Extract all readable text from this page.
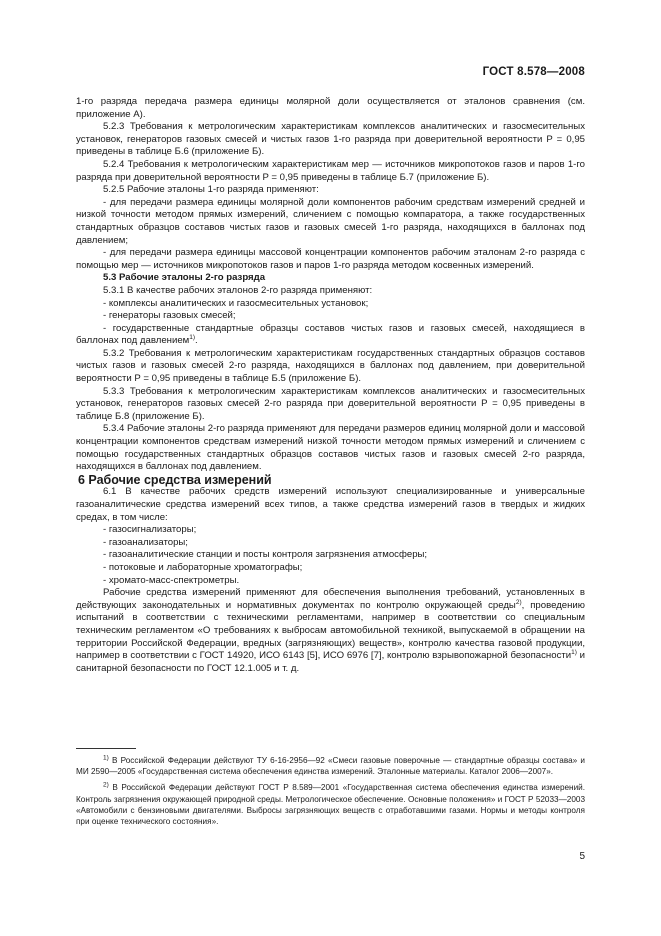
ГОСТ 8.578—2008

1-го разряда передача размера единицы молярной доли осуществляется от эталонов сравнения (см. приложение А).

5.2.3 Требования к метрологическим характеристикам комплексов аналитических и газосмесительных установок, генераторов газовых смесей и чистых газов 1-го разряда при доверительной вероятности P = 0,95 приведены в таблице Б.6 (приложение Б).

5.2.4 Требования к метрологическим характеристикам мер — источников микропотоков газов и паров 1-го разряда при доверительной вероятности P = 0,95 приведены в таблице Б.7 (приложение Б).

5.2.5 Рабочие эталоны 1-го разряда применяют:

- для передачи размера единицы молярной доли компонентов рабочим средствам измерений средней и низкой точности методом прямых измерений, сличением с помощью компаратора, а также государственных стандартных образцов составов чистых газов и газовых смесей 1-го разряда, находящихся в баллонах под давлением;

- для передачи размера единицы массовой концентрации компонентов рабочим эталонам 2-го разряда с помощью мер — источников микропотоков газов и паров 1-го разряда методом косвенных измерений.

5.3 Рабочие эталоны 2-го разряда

5.3.1 В качестве рабочих эталонов 2-го разряда применяют:

- комплексы аналитических и газосмесительных установок;

- генераторы газовых смесей;

- государственные стандартные образцы составов чистых газов и газовых смесей, находящиеся в баллонах под давлением$^{1)}$.

5.3.2 Требования к метрологическим характеристикам государственных стандартных образцов составов чистых газов и газовых смесей 2-го разряда, находящихся в баллонах под давлением, при доверительной вероятности P = 0,95 приведены в таблице Б.5 (приложение Б).

5.3.3 Требования к метрологическим характеристикам комплексов аналитических и газосмесительных установок, генераторов газовых смесей 2-го разряда при доверительной вероятности P = 0,95 приведены в таблице Б.8 (приложение Б).

5.3.4 Рабочие эталоны 2-го разряда применяют для передачи размеров единиц молярной доли и массовой концентрации компонентов средствам измерений низкой точности методом прямых измерений и сличением с помощью государственных стандартных образцов составов чистых газов и газовых смесей 2-го разряда, находящихся в баллонах под давлением.

6 Рабочие средства измерений

6.1 В качестве рабочих средств измерений используют специализированные и универсальные газоаналитические средства измерений всех типов, а также средства измерений газов в твердых и жидких средах, в том числе:

- газосигнализаторы;

- газоанализаторы;

- газоаналитические станции и посты контроля загрязнения атмосферы;

- потоковые и лабораторные хроматографы;

- хромато-масс-спектрометры.

Рабочие средства измерений применяют для обеспечения выполнения требований, установленных в действующих законодательных и нормативных документах по контролю окружающей среды$^{2)}$, проведению испытаний в соответствии с техническими регламентами, например в соответствии со специальным техническим регламентом «О требованиях к выбросам автомобильной техникой, выпускаемой в обращении на территории Российской Федерации, вредных (загрязняющих) веществ», контролю качества газовой продукции, например в соответствии с ГОСТ 14920, ИСО 6143 [5], ИСО 6976 [7], контролю взрывопожарной безопасности$^{1)}$ и санитарной безопасности по ГОСТ 12.1.005 и т. д.

$^{1)}$ В Российской Федерации действуют ТУ 6-16-2956—92 «Смеси газовые поверочные — стандартные образцы состава» и МИ 2590—2005 «Государственная система обеспечения единства измерений. Эталонные материалы. Каталог 2006—2007».

$^{2)}$ В Российской Федерации действуют ГОСТ Р 8.589—2001 «Государственная система обеспечения единства измерений. Контроль загрязнения окружающей природной среды. Метрологическое обеспечение. Основные положения» и ГОСТ Р 52033—2003 «Автомобили с бензиновыми двигателями. Выбросы загрязняющих веществ с отработавшими газами. Нормы и методы контроля при оценке технического состояния».

5
